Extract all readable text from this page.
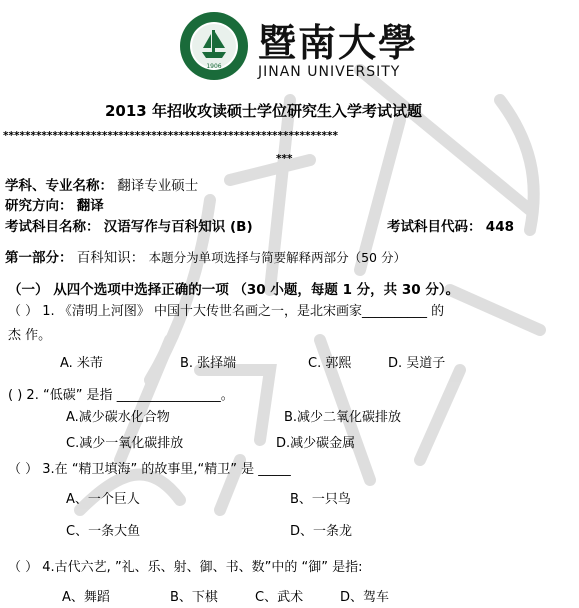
1906
暨南大學
JINAN UNIVERSITY
2013 年招收攻读硕士学位研究生入学考试试题
*************************************************************
***
学科、专业名称： 翻译专业硕士
研究方向： 翻译
考试科目名称： 汉语写作与百科知识 (B)	考试科目代码： 448
第一部分： 百科知识： 本题分为单项选择与简要解释两部分（50 分）
（一） 从四个选项中选择正确的一项 （30 小题，每题 1 分，共 30 分）。
（ ） 1. 《清明上河图》 中国十大传世名画之一，是北宋画家__________ 的
杰 作。
A. 米芾	B. 张择端	C. 郭熙	D. 吴道子
( ) 2. “低碳” 是指 ________________。
A.减少碳水化合物	B.减少二氧化碳排放
C.减少一氧化碳排放	D.减少碳金属
（ ） 3.在 “精卫填海” 的故事里,“精卫” 是 _____
A、一个巨人	B、一只鸟
C、一条大鱼	D、一条龙
（ ） 4.古代六艺, ”礼、乐、射、御、书、数”中的 “御” 是指:
A、舞蹈	B、下棋	C、武术	D、驾车
